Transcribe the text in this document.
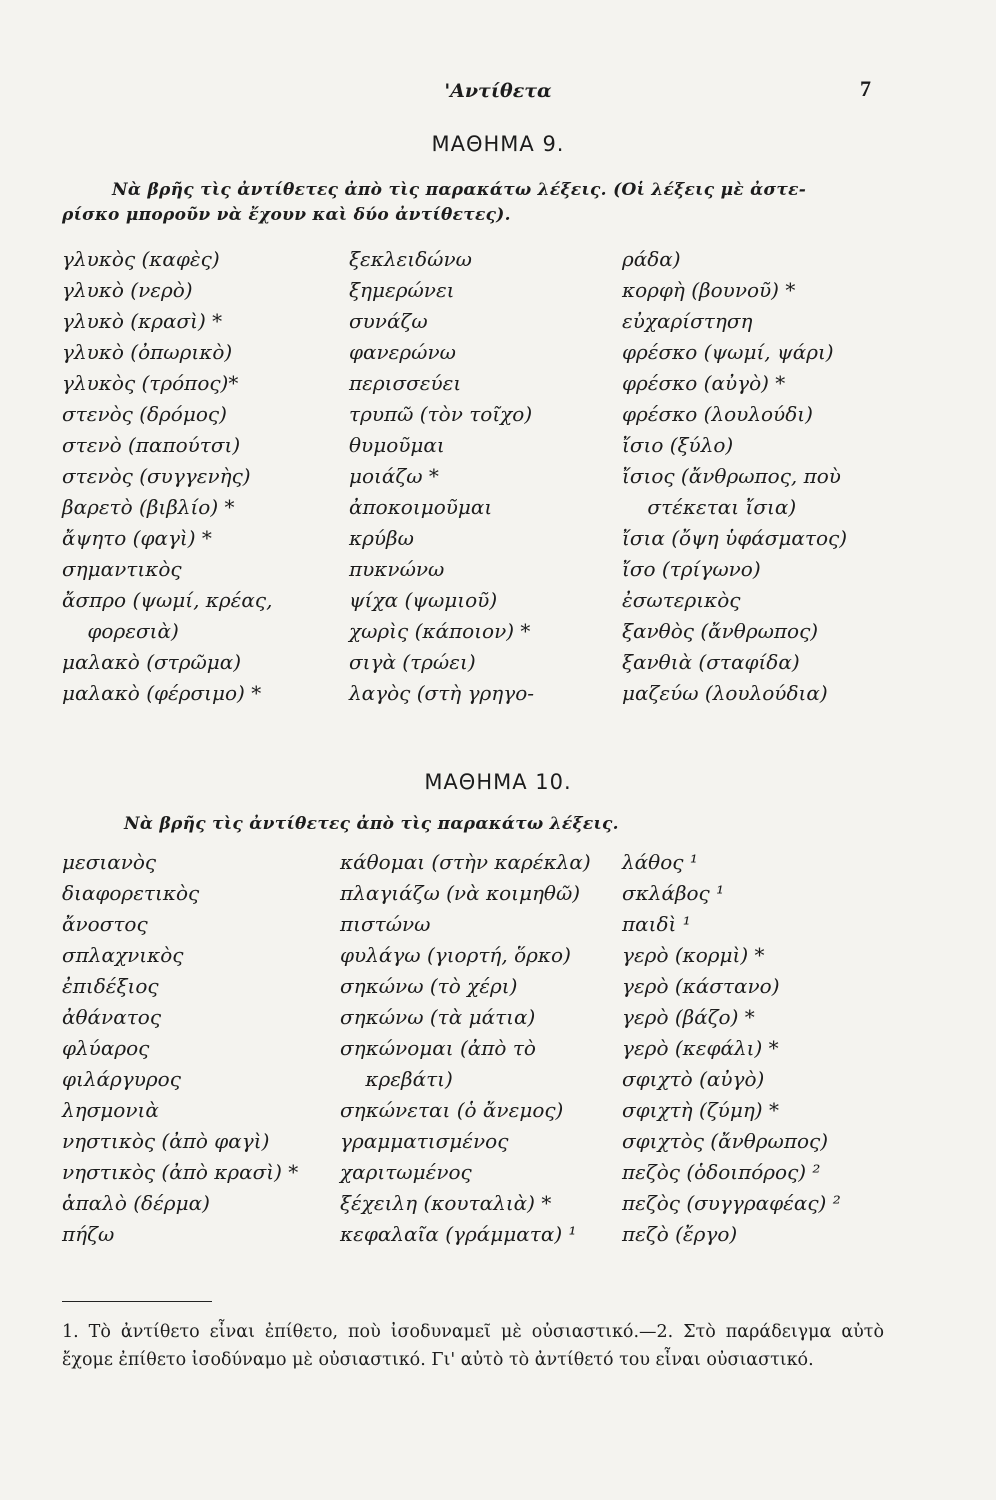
'Αντίθετα	7
ΜΑΘΗΜΑ 9.
Νὰ βρῆς τὶς ἀντίθετες ἀπὸ τὶς παρακάτω λέξεις. (Οἱ λέξεις μὲ ἀστε-
ρίσκο μποροῦν νὰ ἔχουν καὶ δύο ἀντίθετες).
γλυκὸς (καφὲς)
γλυκὸ (νερὸ)
γλυκὸ (κρασὶ) *
γλυκὸ (ὀπωρικὸ)
γλυκὸς (τρόπος)*
στενὸς (δρόμος)
στενὸ (παπούτσι)
στενὸς (συγγενὴς)
βαρετὸ (βιβλίο) *
ἄψητο (φαγὶ) *
σημαντικὸς
ἄσπρο (ψωμί, κρέας,
φορεσιὰ)
μαλακὸ (στρῶμα)
μαλακὸ (φέρσιμο) *
ξεκλειδώνω
ξημερώνει
συνάζω
φανερώνω
περισσεύει
τρυπῶ (τὸν τοῖχο)
θυμοῦμαι
μοιάζω *
ἀποκοιμοῦμαι
κρύβω
πυκνώνω
ψίχα (ψωμιοῦ)
χωρὶς (κάποιον) *
σιγὰ (τρώει)
λαγὸς (στὴ γρηγο-
ράδα)
κορφὴ (βουνοῦ) *
εὐχαρίστηση
φρέσκο (ψωμί, ψάρι)
φρέσκο (αὐγὸ) *
φρέσκο (λουλούδι)
ἴσιο (ξύλο)
ἴσιος (ἄνθρωπος, ποὺ
στέκεται ἴσια)
ἴσια (ὄψη ὑφάσματος)
ἴσο (τρίγωνο)
ἐσωτερικὸς
ξανθὸς (ἄνθρωπος)
ξανθιὰ (σταφίδα)
μαζεύω (λουλούδια)
ΜΑΘΗΜΑ 10.
Νὰ βρῆς τὶς ἀντίθετες ἀπὸ τὶς παρακάτω λέξεις.
μεσιανὸς
διαφορετικὸς
ἄνοστος
σπλαχνικὸς
ἐπιδέξιος
ἀθάνατος
φλύαρος
φιλάργυρος
λησμονιὰ
νηστικὸς (ἀπὸ φαγὶ)
νηστικὸς (ἀπὸ κρασὶ) *
ἁπαλὸ (δέρμα)
πήζω
κάθομαι (στὴν καρέκλα)
πλαγιάζω (νὰ κοιμηθῶ)
πιστώνω
φυλάγω (γιορτή, ὅρκο)
σηκώνω (τὸ χέρι)
σηκώνω (τὰ μάτια)
σηκώνομαι (ἀπὸ τὸ
κρεβάτι)
σηκώνεται (ὁ ἄνεμος)
γραμματισμένος
χαριτωμένος
ξέχειλη (κουταλιὰ) *
κεφαλαῖα (γράμματα) ¹
λάθος ¹
σκλάβος ¹
παιδὶ ¹
γερὸ (κορμὶ) *
γερὸ (κάστανο)
γερὸ (βάζο) *
γερὸ (κεφάλι) *
σφιχτὸ (αὐγὸ)
σφιχτὴ (ζύμη) *
σφιχτὸς (ἄνθρωπος)
πεζὸς (ὁδοιπόρος) ²
πεζὸς (συγγραφέας) ²
πεζὸ (ἔργο)
1. Τὸ ἀντίθετο εἶναι ἐπίθετο, ποὺ ἰσοδυναμεῖ μὲ οὐσιαστικό.—2. Στὸ παράδειγμα αὐτὸ ἔχομε ἐπίθετο ἰσοδύναμο μὲ οὐσιαστικό. Γι' αὐτὸ τὸ ἀντίθετό του εἶναι οὐσιαστικό.
